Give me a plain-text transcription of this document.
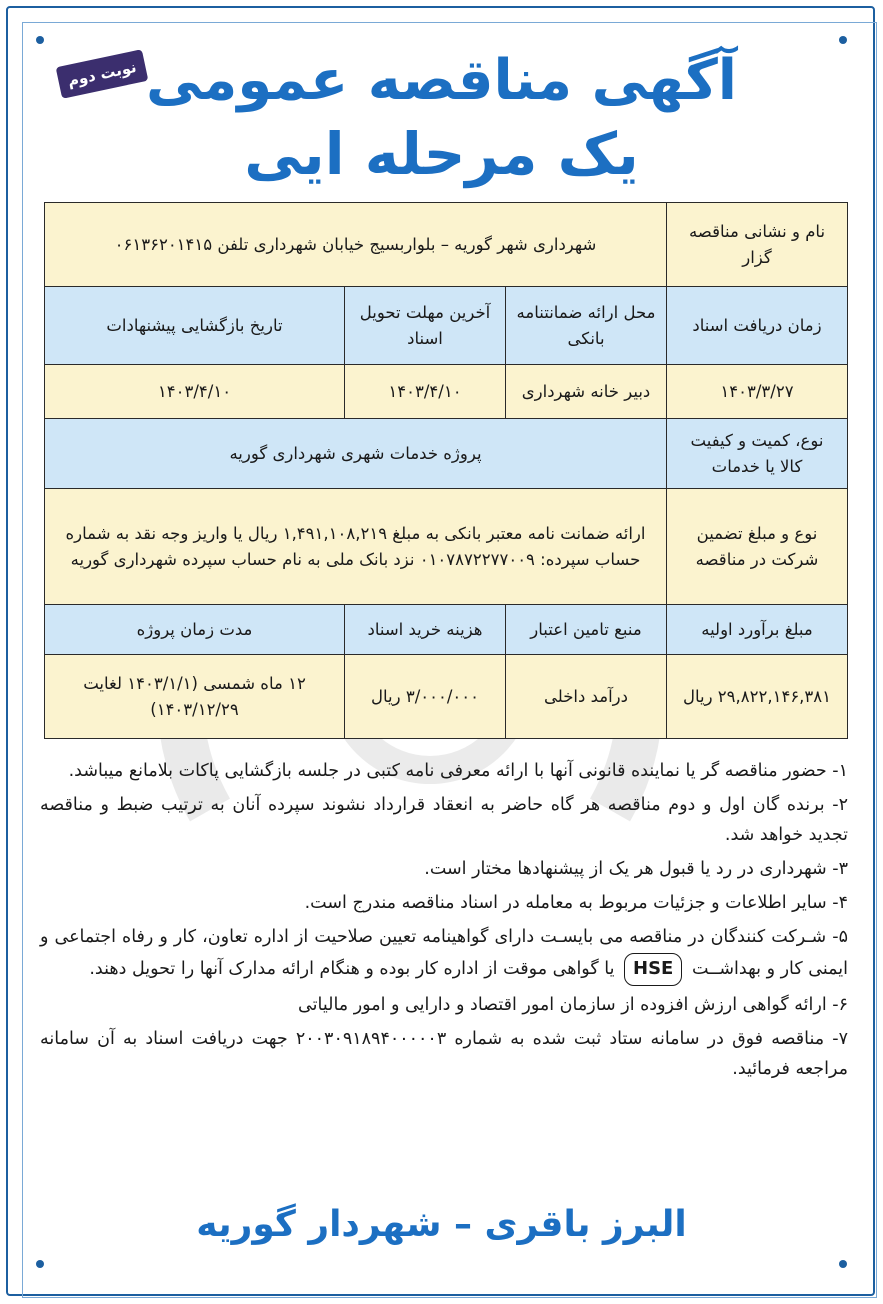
نوبت دوم آگهی مناقصه عمومی
یک مرحله ایی
نام و نشانی مناقصه گزار	شهرداری شهر گوریه – بلواربسیج خیابان شهرداری تلفن ۰۶۱۳۶۲۰۱۴۱۵		
زمان دریافت اسناد	محل ارائه ضمانتنامه بانکی	آخرین مهلت تحویل اسناد	تاریخ بازگشایی پیشنهادات
۱۴۰۳/۳/۲۷	دبیر خانه شهرداری	۱۴۰۳/۴/۱۰	۱۴۰۳/۴/۱۰
نوع، کمیت و کیفیت کالا یا خدمات	پروژه خدمات شهری شهرداری گوریه		
نوع و مبلغ تضمین شرکت در مناقصه	ارائه ضمانت نامه معتبر بانکی به مبلغ ۱,۴۹۱,۱۰۸,۲۱۹ ریال یا واریز وجه نقد به شماره حساب سپرده: ۰۱۰۷۸۷۲۲۷۷۰۰۹ نزد بانک ملی به نام حساب سپرده شهرداری گوریه		
مبلغ برآورد اولیه	منبع تامین اعتبار	هزینه خرید اسناد	مدت زمان پروژه
۲۹,۸۲۲,۱۴۶,۳۸۱ ریال	درآمد داخلی	۳/۰۰۰/۰۰۰ ریال	۱۲ ماه شمسی (۱۴۰۳/۱/۱ لغایت ۱۴۰۳/۱۲/۲۹)

۱- حضور مناقصه گر یا نماینده قانونی آنها با ارائه معرفی نامه کتبی در جلسه بازگشایی پاکات بلامانع میباشد.

۲- برنده گان اول و دوم مناقصه هر گاه حاضر به انعقاد قرارداد نشوند سپرده آنان به ترتیب ضبط و مناقصه تجدید خواهد شد.

۳- شهرداری در رد یا قبول هر یک از پیشنهادها مختار است.

۴- سایر اطلاعات و جزئیات مربوط به معامله در اسناد مناقصه مندرج است.

۵- شـرکت کنندگان در مناقصه می بایسـت دارای گواهینامه تعیین صلاحیت از اداره تعاون، کار و رفاه اجتماعی و ایمنی کار و بهداشــت HSE یا گواهی موقت از اداره کار بوده و هنگام ارائه مدارک آنها را تحویل دهند.

۶- ارائه گواهی ارزش افزوده از سازمان امور اقتصاد و دارایی و امور مالیاتی

۷- مناقصه فوق در سامانه ستاد ثبت شده به شماره ۲۰۰۳۰۹۱۸۹۴۰۰۰۰۰۳ جهت دریافت اسناد به آن سامانه مراجعه فرمائید.

البرز باقری – شهردار گوریه
